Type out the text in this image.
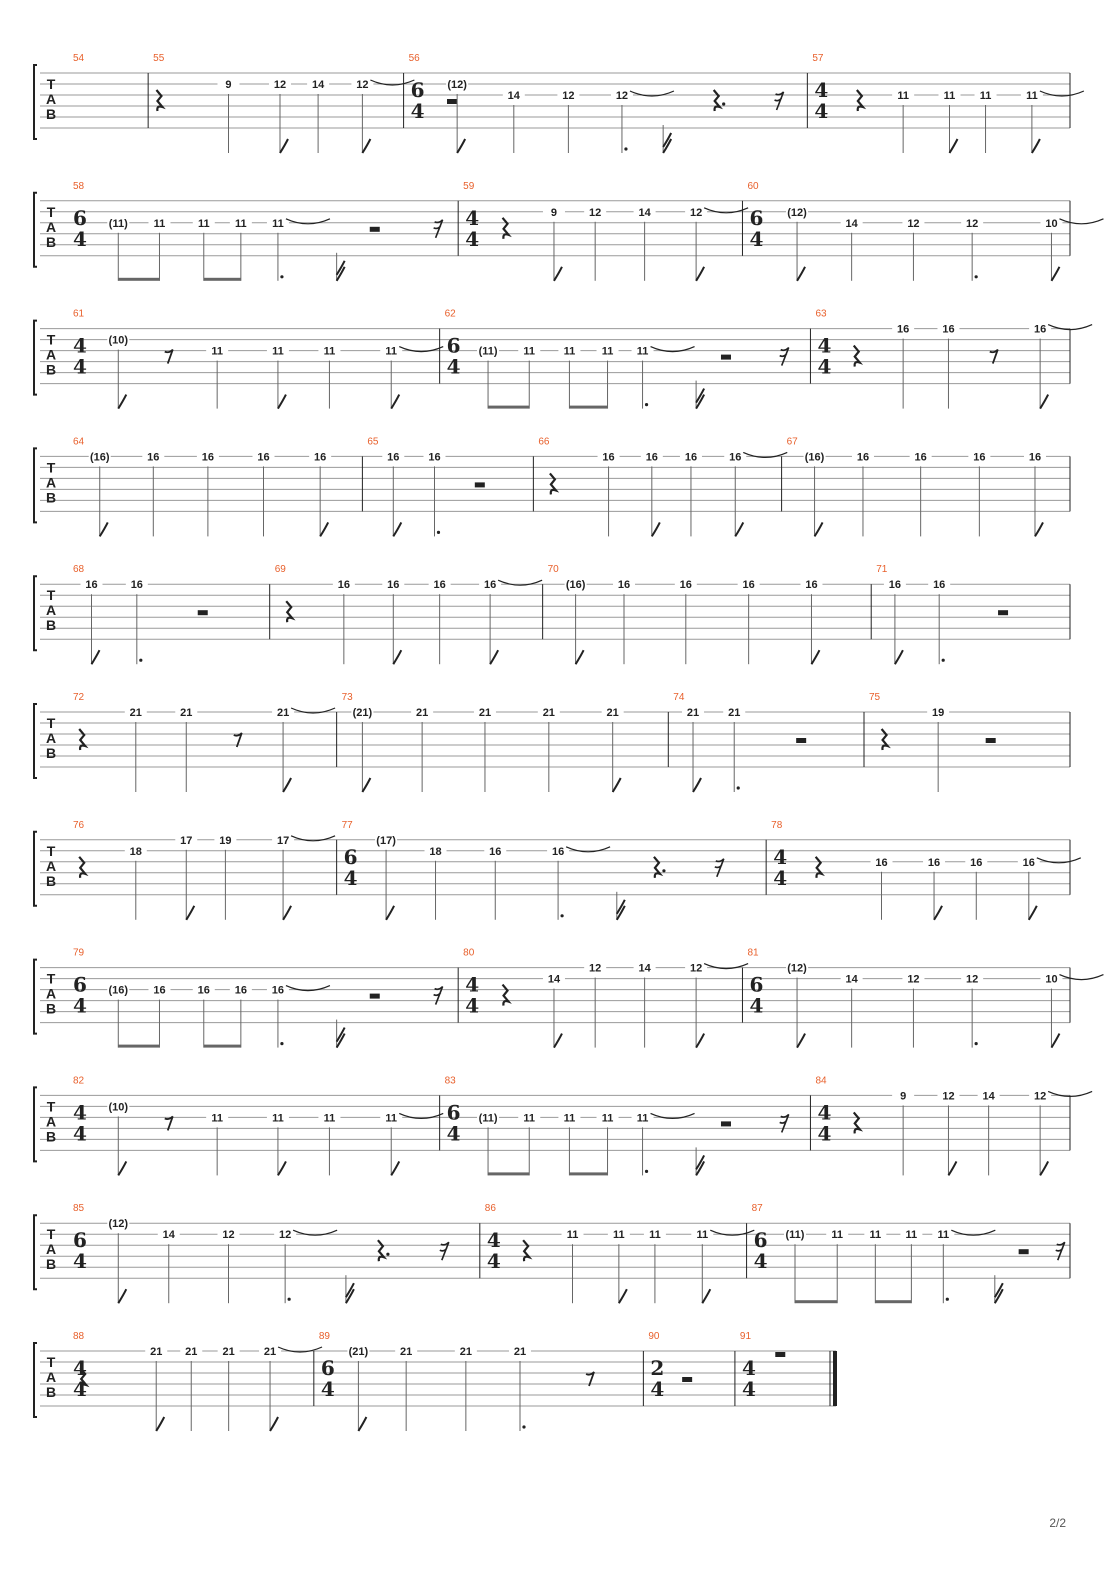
T
A
B
54	55
9	12 14	12
56
6
4
(12)
14	12	12
57
4
4
11	11 11	11
T
A
B
58
6
4
(11) 11	11 11 11
59
4
4
9	12	14	12
60
6
4
(12)
14	12	12	10
T
A
B
61
4
4
(10)
11	11	11	11
62
6
4
(11) 11	11 11 11
63
4
4
16	16	16
T
A
B
64
(16)	16	16	16	16
65
16	16
66
16	16 16	16
67
(16)	16	16	16	16
T
A
B
68
16	16
69
16	16	16	16
70
(16)	16	16	16	16
71
16	16
T
A
B
72
21	21	21
73
(21)	21	21	21	21
74
21	21
75
19
T
A
B
76
18
17 19	17
77
6
4
(17)
18	16	16
78
4
4
16	16	16	16
T
A
B
79
6
4
(16) 16	16 16 16
80
4
4
14
12	14	12
81
6
4
(12)
14	12	12	10
T
A
B
82
4
4
(10)
11	11	11	11
83
6
4
(11) 11	11 11 11
84
4
4
9	12	14	12
T
A
B
85
6
4
(12)
14	12	12
86
4
4
11	11 11	11
87
6
4
(11) 11 11 11 11
T
A
B
88
4
4
21 21 21	21
89
6
4
(21)	21	21	21
90
2
4
91
4
4
2/2
